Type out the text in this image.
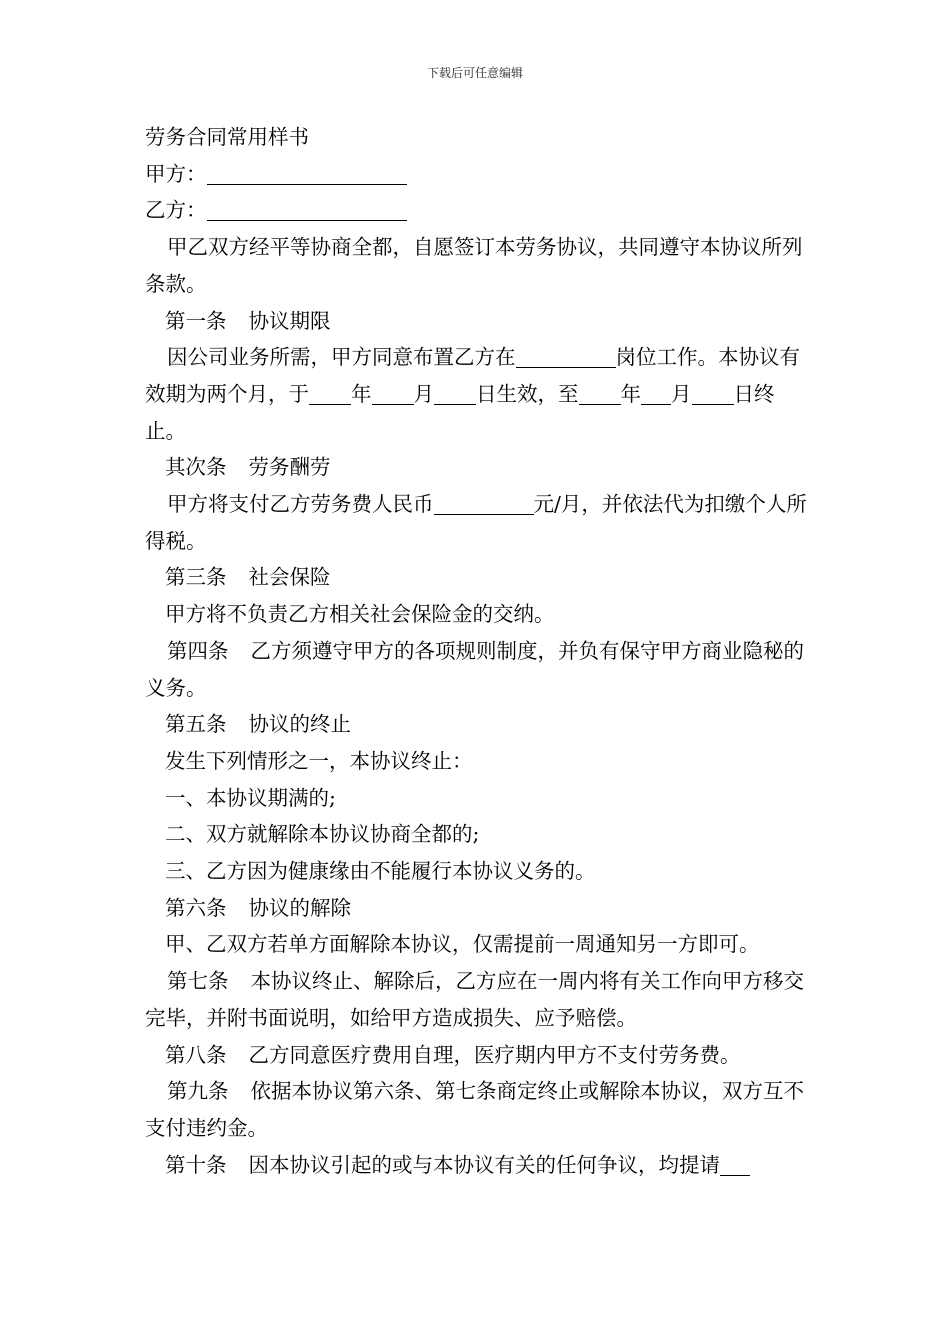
下载后可任意编辑

劳务合同常用样书

甲方：

乙方：

甲乙双方经平等协商全都，自愿签订本劳务协议，共同遵守本协议所列条款。

第一条 协议期限

因公司业务所需，甲方同意布置乙方在	岗位工作。本协议有效期为两个月，于 年 月 日生效，至 年 月 日终止。

其次条 劳务酬劳

甲方将支付乙方劳务费人民币	元/月，并依法代为扣缴个人所得税。

第三条 社会保险

甲方将不负责乙方相关社会保险金的交纳。

第四条 乙方须遵守甲方的各项规则制度，并负有保守甲方商业隐秘的义务。

第五条 协议的终止

发生下列情形之一，本协议终止：

一、本协议期满的;

二、双方就解除本协议协商全都的;

三、乙方因为健康缘由不能履行本协议义务的。

第六条 协议的解除

甲、乙双方若单方面解除本协议，仅需提前一周通知另一方即可。

第七条 本协议终止、解除后，乙方应在一周内将有关工作向甲方移交完毕，并附书面说明，如给甲方造成损失、应予赔偿。

第八条 乙方同意医疗费用自理，医疗期内甲方不支付劳务费。

第九条 依据本协议第六条、第七条商定终止或解除本协议，双方互不支付违约金。

第十条 因本协议引起的或与本协议有关的任何争议，均提请
